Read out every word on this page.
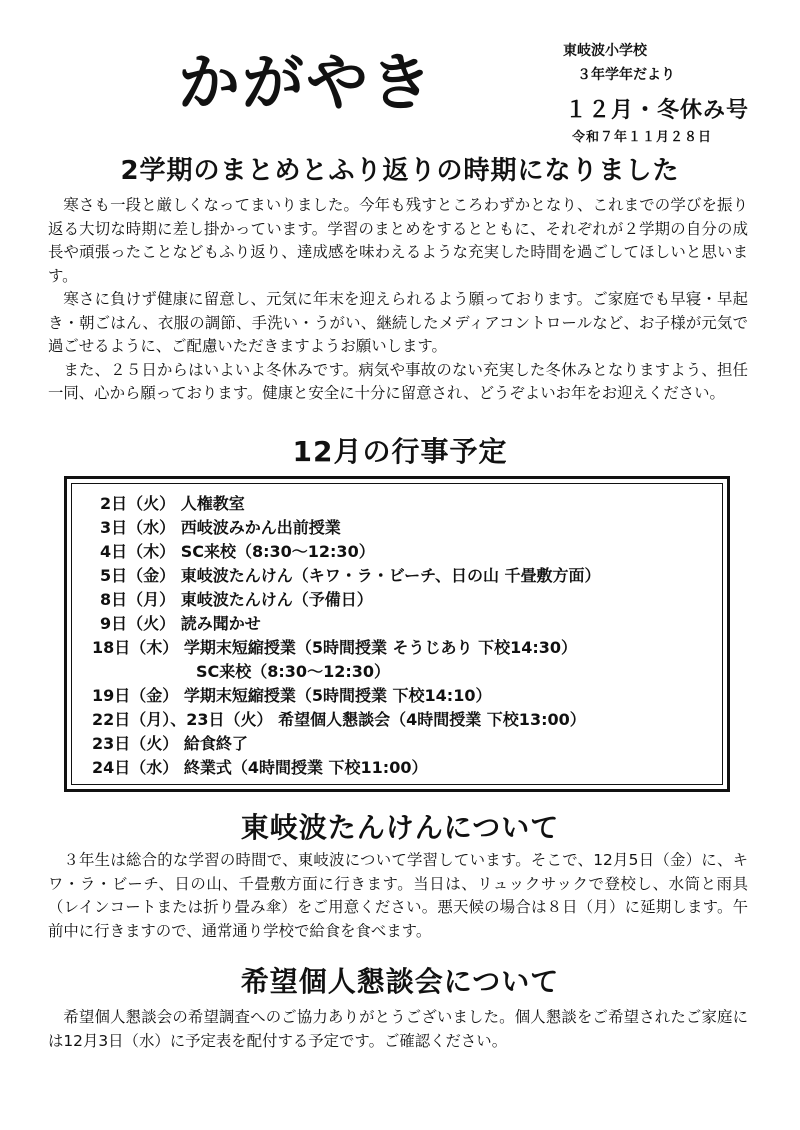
かがやき	東岐波小学校
３年学年だより
１２月・冬休み号
令和７年１１月２８日
2学期のまとめとふり返りの時期になりました
寒さも一段と厳しくなってまいりました。今年も残すところわずかとなり、これまでの学びを振り返る大切な時期に差し掛かっています。学習のまとめをするとともに、それぞれが２学期の自分の成長や頑張ったことなどもふり返り、達成感を味わえるような充実した時間を過ごしてほしいと思います。
寒さに負けず健康に留意し、元気に年末を迎えられるよう願っております。ご家庭でも早寝・早起き・朝ごはん、衣服の調節、手洗い・うがい、継続したメディアコントロールなど、お子様が元気で過ごせるように、ご配慮いただきますようお願いします。
また、２５日からはいよいよ冬休みです。病気や事故のない充実した冬休みとなりますよう、担任一同、心から願っております。健康と安全に十分に留意され、どうぞよいお年をお迎えください。
12月の行事予定
2日（火） 人権教室
3日（水） 西岐波みかん出前授業
4日（木） SC来校（8:30～12:30）
5日（金） 東岐波たんけん（キワ・ラ・ビーチ、日の山 千畳敷方面）
8日（月） 東岐波たんけん（予備日）
9日（火） 読み聞かせ
18日（木） 学期末短縮授業（5時間授業 そうじあり 下校14:30）
SC来校（8:30～12:30）
19日（金） 学期末短縮授業（5時間授業 下校14:10）
22日（月）、23日（火） 希望個人懇談会（4時間授業 下校13:00）
23日（火） 給食終了
24日（水） 終業式（4時間授業 下校11:00）
東岐波たんけんについて
３年生は総合的な学習の時間で、東岐波について学習しています。そこで、12月5日（金）に、キワ・ラ・ビーチ、日の山、千畳敷方面に行きます。当日は、リュックサックで登校し、水筒と雨具（レインコートまたは折り畳み傘）をご用意ください。悪天候の場合は８日（月）に延期します。午前中に行きますので、通常通り学校で給食を食べます。
希望個人懇談会について
希望個人懇談会の希望調査へのご協力ありがとうございました。個人懇談をご希望されたご家庭には12月3日（水）に予定表を配付する予定です。ご確認ください。
